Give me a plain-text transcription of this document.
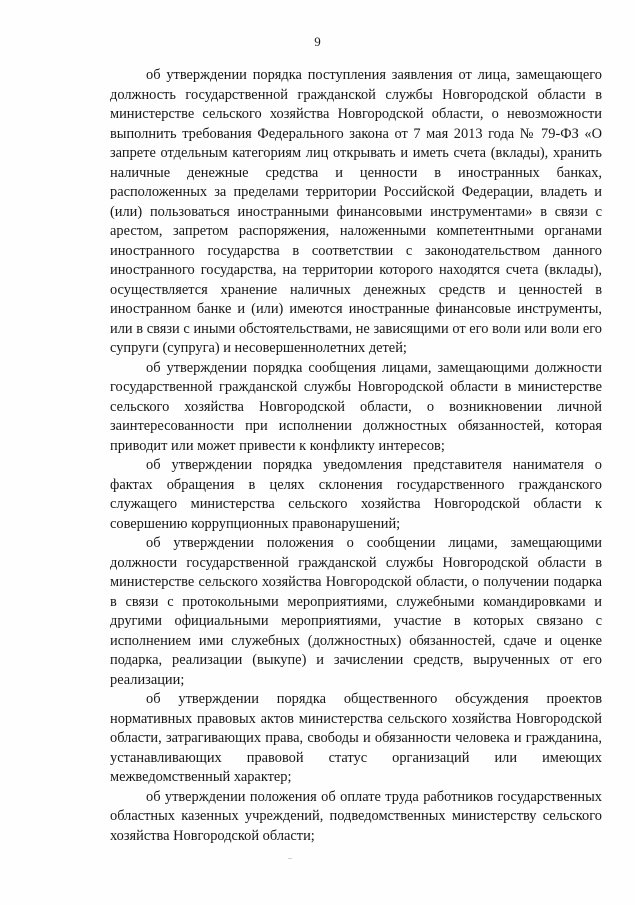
9

об утверждении порядка поступления заявления от лица, замещающего должность государственной гражданской службы Новгородской области в министерстве сельского хозяйства Новгородской области, о невозможности выполнить требования Федерального закона от 7 мая 2013 года № 79-ФЗ «О запрете отдельным категориям лиц открывать и иметь счета (вклады), хранить наличные денежные средства и ценности в иностранных банках, расположенных за пределами территории Российской Федерации, владеть и (или) пользоваться иностранными финансовыми инструментами» в связи с арестом, запретом распоряжения, наложенными компетентными органами иностранного государства в соответствии с законодательством данного иностранного государства, на территории которого находятся счета (вклады), осуществляется хранение наличных денежных средств и ценностей в иностранном банке и (или) имеются иностранные финансовые инструменты, или в связи с иными обстоятельствами, не зависящими от его воли или воли его супруги (супруга) и несовершеннолетних детей;

об утверждении порядка сообщения лицами, замещающими должности государственной гражданской службы Новгородской области в министерстве сельского хозяйства Новгородской области, о возникновении личной заинтересованности при исполнении должностных обязанностей, которая приводит или может привести к конфликту интересов;

об утверждении порядка уведомления представителя нанимателя о фактах обращения в целях склонения государственного гражданского служащего министерства сельского хозяйства Новгородской области к совершению коррупционных правонарушений;

об утверждении положения о сообщении лицами, замещающими должности государственной гражданской службы Новгородской области в министерстве сельского хозяйства Новгородской области, о получении подарка в связи с протокольными мероприятиями, служебными командировками и другими официальными мероприятиями, участие в которых связано с исполнением ими служебных (должностных) обязанностей, сдаче и оценке подарка, реализации (выкупе) и зачислении средств, вырученных от его реализации;

об утверждении порядка общественного обсуждения проектов нормативных правовых актов министерства сельского хозяйства Новгородской области, затрагивающих права, свободы и обязанности человека и гражданина, устанавливающих правовой статус организаций или имеющих межведомственный характер;

об утверждении положения об оплате труда работников государственных областных казенных учреждений, подведомственных министерству сельского хозяйства Новгородской области;
